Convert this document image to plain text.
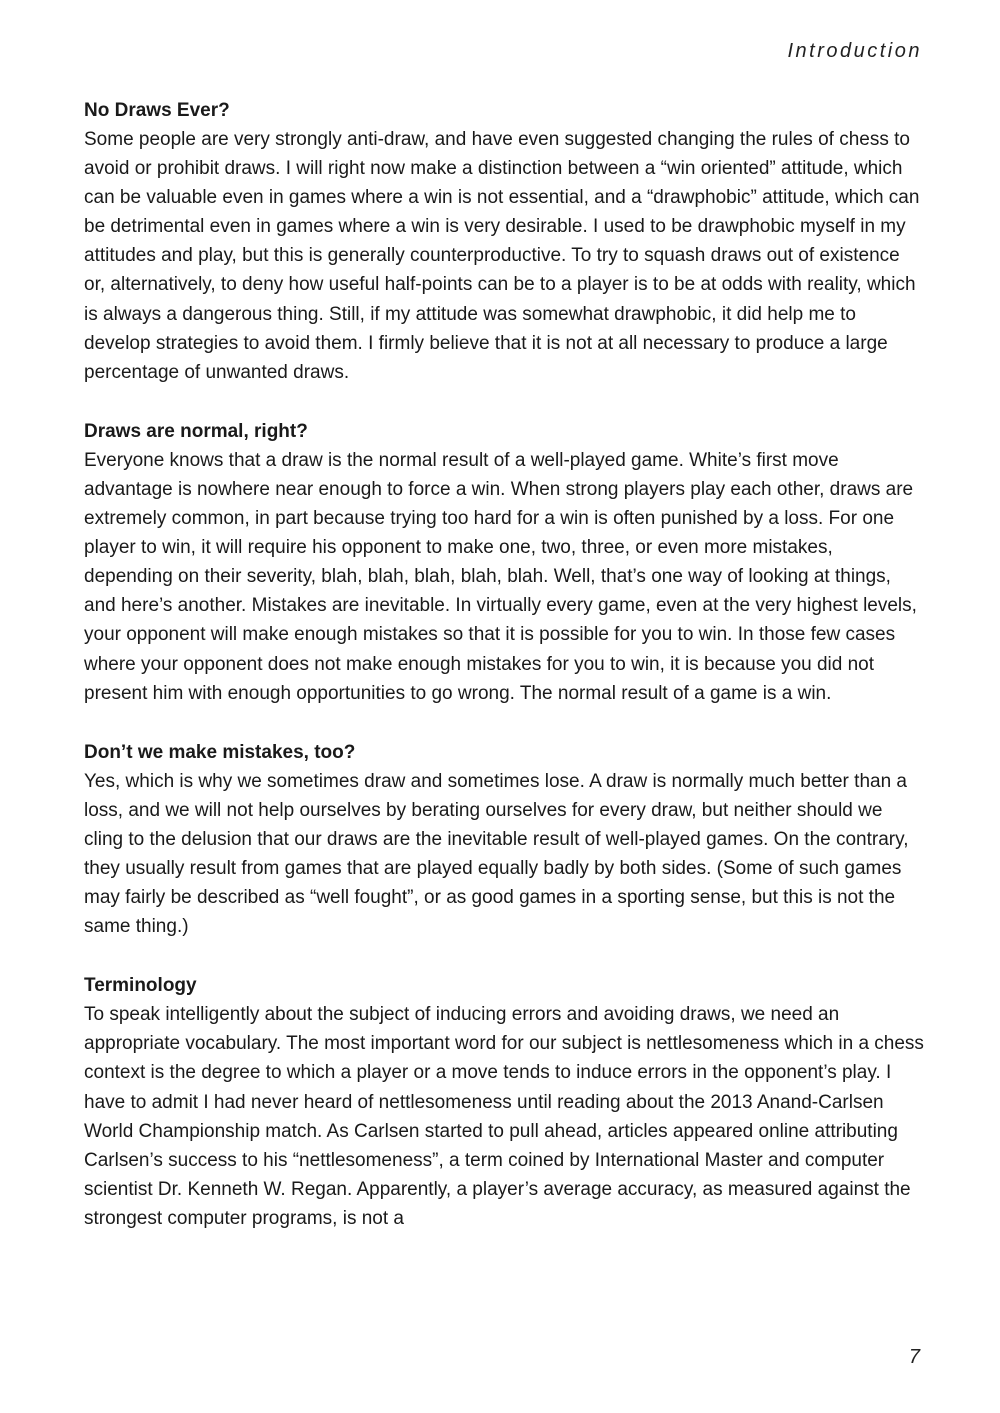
Introduction

No Draws Ever?

Some people are very strongly anti-draw, and have even suggested changing the rules of chess to avoid or prohibit draws. I will right now make a distinction between a “win oriented” attitude, which can be valuable even in games where a win is not essential, and a “drawphobic” attitude, which can be detrimental even in games where a win is very desirable. I used to be drawphobic myself in my attitudes and play, but this is generally counterproductive. To try to squash draws out of existence or, alternatively, to deny how useful half-points can be to a player is to be at odds with reality, which is always a dangerous thing. Still, if my attitude was somewhat drawphobic, it did help me to develop strategies to avoid them. I firmly believe that it is not at all necessary to produce a large percentage of unwanted draws.

Draws are normal, right?

Everyone knows that a draw is the normal result of a well-played game. White’s first move advantage is nowhere near enough to force a win. When strong players play each other, draws are extremely common, in part because trying too hard for a win is often punished by a loss. For one player to win, it will require his opponent to make one, two, three, or even more mistakes, depending on their severity, blah, blah, blah, blah, blah. Well, that’s one way of looking at things, and here’s another. Mistakes are inevitable. In virtually every game, even at the very highest levels, your opponent will make enough mistakes so that it is possible for you to win. In those few cases where your opponent does not make enough mistakes for you to win, it is because you did not present him with enough opportunities to go wrong. The normal result of a game is a win.

Don’t we make mistakes, too?

Yes, which is why we sometimes draw and sometimes lose. A draw is normally much better than a loss, and we will not help ourselves by berating ourselves for every draw, but neither should we cling to the delusion that our draws are the inevitable result of well-played games. On the contrary, they usually result from games that are played equally badly by both sides. (Some of such games may fairly be described as “well fought”, or as good games in a sporting sense, but this is not the same thing.)

Terminology

To speak intelligently about the subject of inducing errors and avoiding draws, we need an appropriate vocabulary. The most important word for our subject is nettlesomeness which in a chess context is the degree to which a player or a move tends to induce errors in the opponent’s play. I have to admit I had never heard of nettlesomeness until reading about the 2013 Anand-Carlsen World Championship match. As Carlsen started to pull ahead, articles appeared online attributing Carlsen’s success to his “nettlesomeness”, a term coined by International Master and computer scientist Dr. Kenneth W. Regan. Apparently, a player’s average accuracy, as measured against the strongest computer programs, is not a

7
